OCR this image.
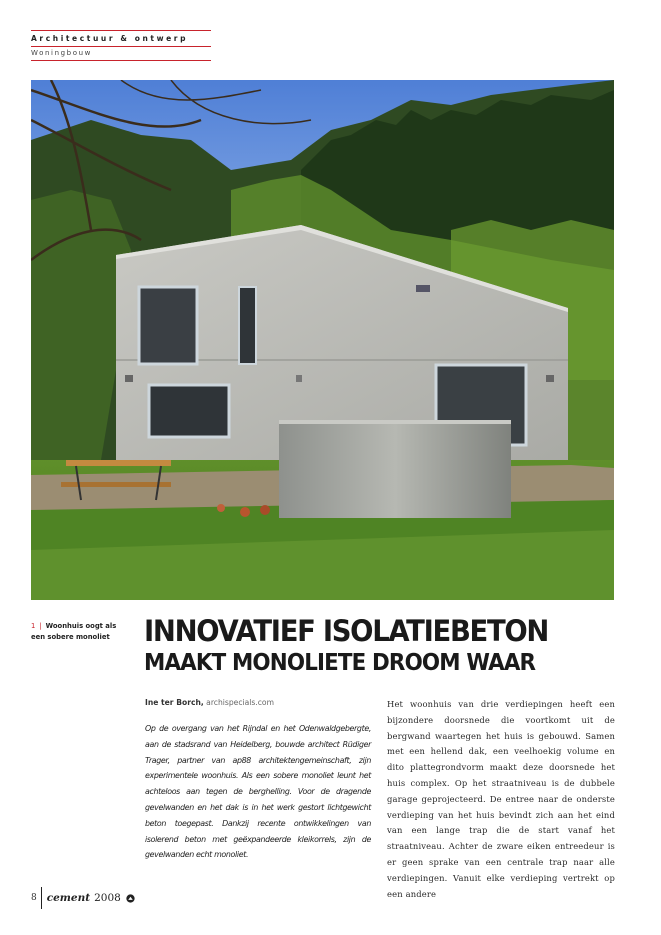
Architectuur & ontwerp
Woningbouw
1 | Woonhuis oogt als een sobere monoliet	INNOVATIEF ISOLATIEBETON
MAAKT MONOLIETE DROOM WAAR
Ine ter Borch, archispecials.com
Op de overgang van het Rijndal en het Odenwaldgebergte, aan de stadsrand van Heidelberg, bouwde architect Rüdiger Trager, partner van ap88 architektengemeinschaft, zijn experimentele woonhuis. Als een sobere monoliet leunt het achteloos aan tegen de berghelling. Voor de dragende gevelwanden en het dak is in het werk gestort lichtgewicht beton toegepast. Dankzij recente ontwikkelingen van isolerend beton met geëxpandeerde kleikorrels, zijn de gevelwanden echt monoliet.
Het woonhuis van drie verdiepingen heeft een bijzondere doorsnede die voortkomt uit de bergwand waartegen het huis is gebouwd. Samen met een hellend dak, een veelhoekig volume en dito plattegrondvorm maakt deze doorsnede het huis complex. Op het straatniveau is de dubbele garage geprojecteerd. De entree naar de onderste verdieping van het huis bevindt zich aan het eind van een lange trap die de start vanaf het straatniveau. Achter de zware eiken entreedeur is er geen sprake van een centrale trap naar alle verdiepingen. Vanuit elke verdieping vertrekt op een andere
8 cement 2008
